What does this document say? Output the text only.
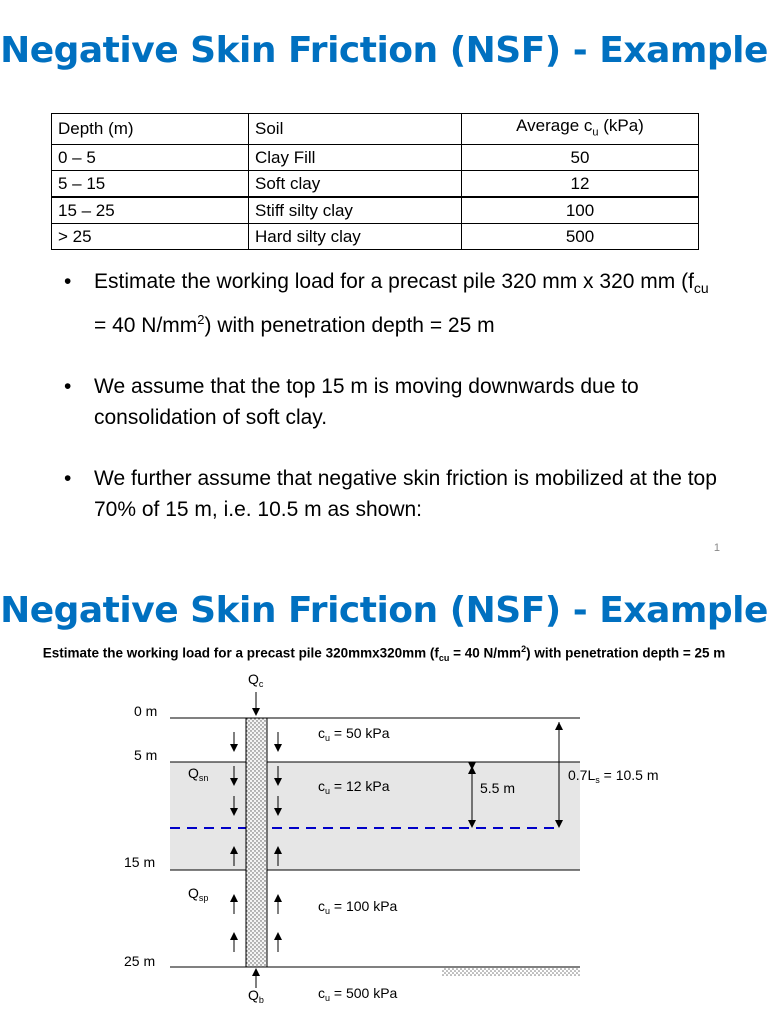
Negative Skin Friction (NSF) - Example
Depth (m)	Soil	Average $c_u$ (kPa)
0 – 5	Clay Fill	50
5 – 15	Soft clay	12
15 – 25	Stiff silty clay	100
> 25	Hard silty clay	500
• Estimate the working load for a precast pile 320 mm x 320 mm ($f_{cu} = 40$ $N/mm^2$) with penetration depth = 25 m
• We assume that the top 15 m is moving downwards due to consolidation of soft clay.
• We further assume that negative skin friction is mobilized at the top 70% of 15 m, i.e. 10.5 m as shown:
1
Negative Skin Friction (NSF) - Example
Estimate the working load for a precast pile 320mmx320mm ($f_{cu} = 40$ $N/mm^2$) with penetration depth = 25 m
0 m
5 m
15 m
25 m
$Q_c$
$Q_b$
$Q_{sn}$
$Q_{sp}$
$c_u = 50$ kPa
$c_u = 12$ kPa
$c_u = 100$ kPa
$c_u = 500$ kPa
5.5 m
$0.7L_s = 10.5$ m
